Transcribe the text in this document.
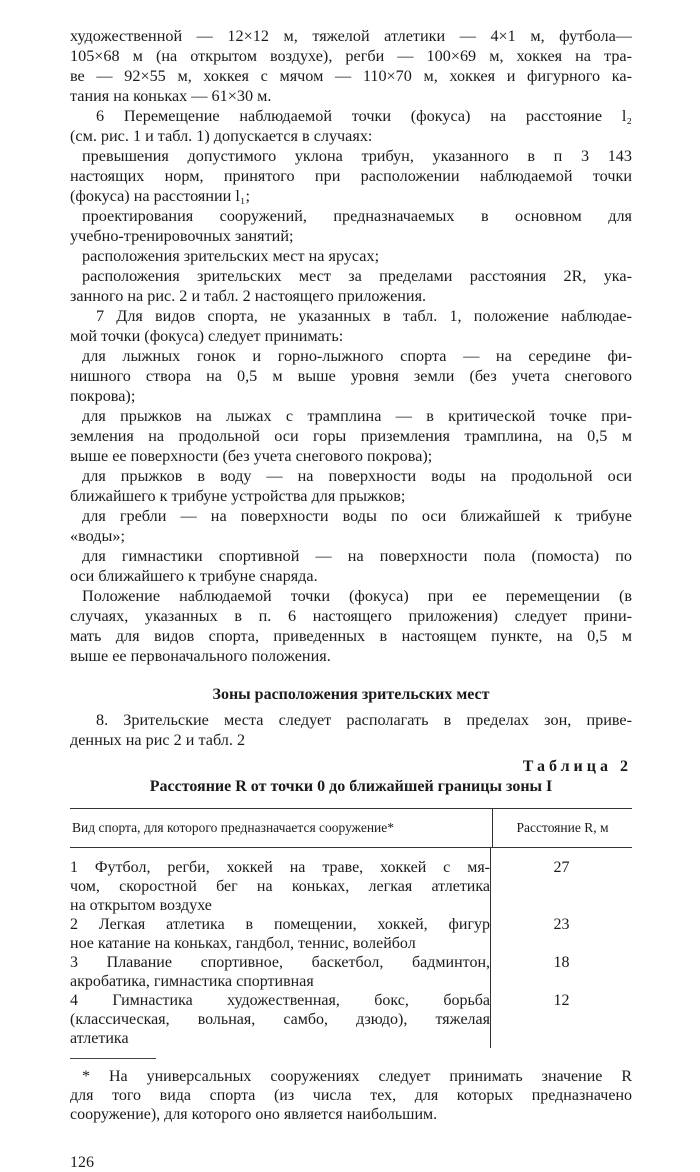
художественной — 12×12 м, тяжелой атлетики — 4×1 м, футбола—
105×68 м (на открытом воздухе), регби — 100×69 м, хоккея на тра-
ве — 92×55 м, хоккея с мячом — 110×70 м, хоккея и фигурного ка-
тания на коньках — 61×30 м.
6 Перемещение наблюдаемой точки (фокуса) на расстояние l₂
(см. рис. 1 и табл. 1) допускается в случаях:
превышения допустимого уклона трибун, указанного в п 3 143
настоящих норм, принятого при расположении наблюдаемой точки
(фокуса) на расстоянии l₁;
проектирования сооружений, предназначаемых в основном для
учебно-тренировочных занятий;
расположения зрительских мест на ярусах;
расположения зрительских мест за пределами расстояния 2R, ука-
занного на рис. 2 и табл. 2 настоящего приложения.
7 Для видов спорта, не указанных в табл. 1, положение наблюдае-
мой точки (фокуса) следует принимать:
для лыжных гонок и горно-лыжного спорта — на середине фи-
нишного створа на 0,5 м выше уровня земли (без учета снегового
покрова);
для прыжков на лыжах с трамплина — в критической точке при-
земления на продольной оси горы приземления трамплина, на 0,5 м
выше ее поверхности (без учета снегового покрова);
для прыжков в воду — на поверхности воды на продольной оси
ближайшего к трибуне устройства для прыжков;
для гребли — на поверхности воды по оси ближайшей к трибуне
«воды»;
для гимнастики спортивной — на поверхности пола (помоста) по
оси ближайшего к трибуне снаряда.
Положение наблюдаемой точки (фокуса) при ее перемещении (в
случаях, указанных в п. 6 настоящего приложения) следует прини-
мать для видов спорта, приведенных в настоящем пункте, на 0,5 м
выше ее первоначального положения.
Зоны расположения зрительских мест
8. Зрительские места следует располагать в пределах зон, приве-
денных на рис 2 и табл. 2
Таблица 2
Расстояние R от точки 0 до ближайшей границы зоны I
Вид спорта, для которого предназначается сооружение*	Расстояние R, м
1 Футбол, регби, хоккей на траве, хоккей с мя-
чом, скоростной бег на коньках, легкая атлетика
на открытом воздухе
2 Легкая атлетика в помещении, хоккей, фигур
ное катание на коньках, гандбол, теннис, волейбол
3 Плавание спортивное, баскетбол, бадминтон,
акробатика, гимнастика спортивная
4 Гимнастика художественная, бокс, борьба
(классическая, вольная, самбо, дзюдо), тяжелая
атлетика
27
23
18
12
* На универсальных сооружениях следует принимать значение R
для того вида спорта (из числа тех, для которых предназначено
сооружение), для которого оно является наибольшим.
126
